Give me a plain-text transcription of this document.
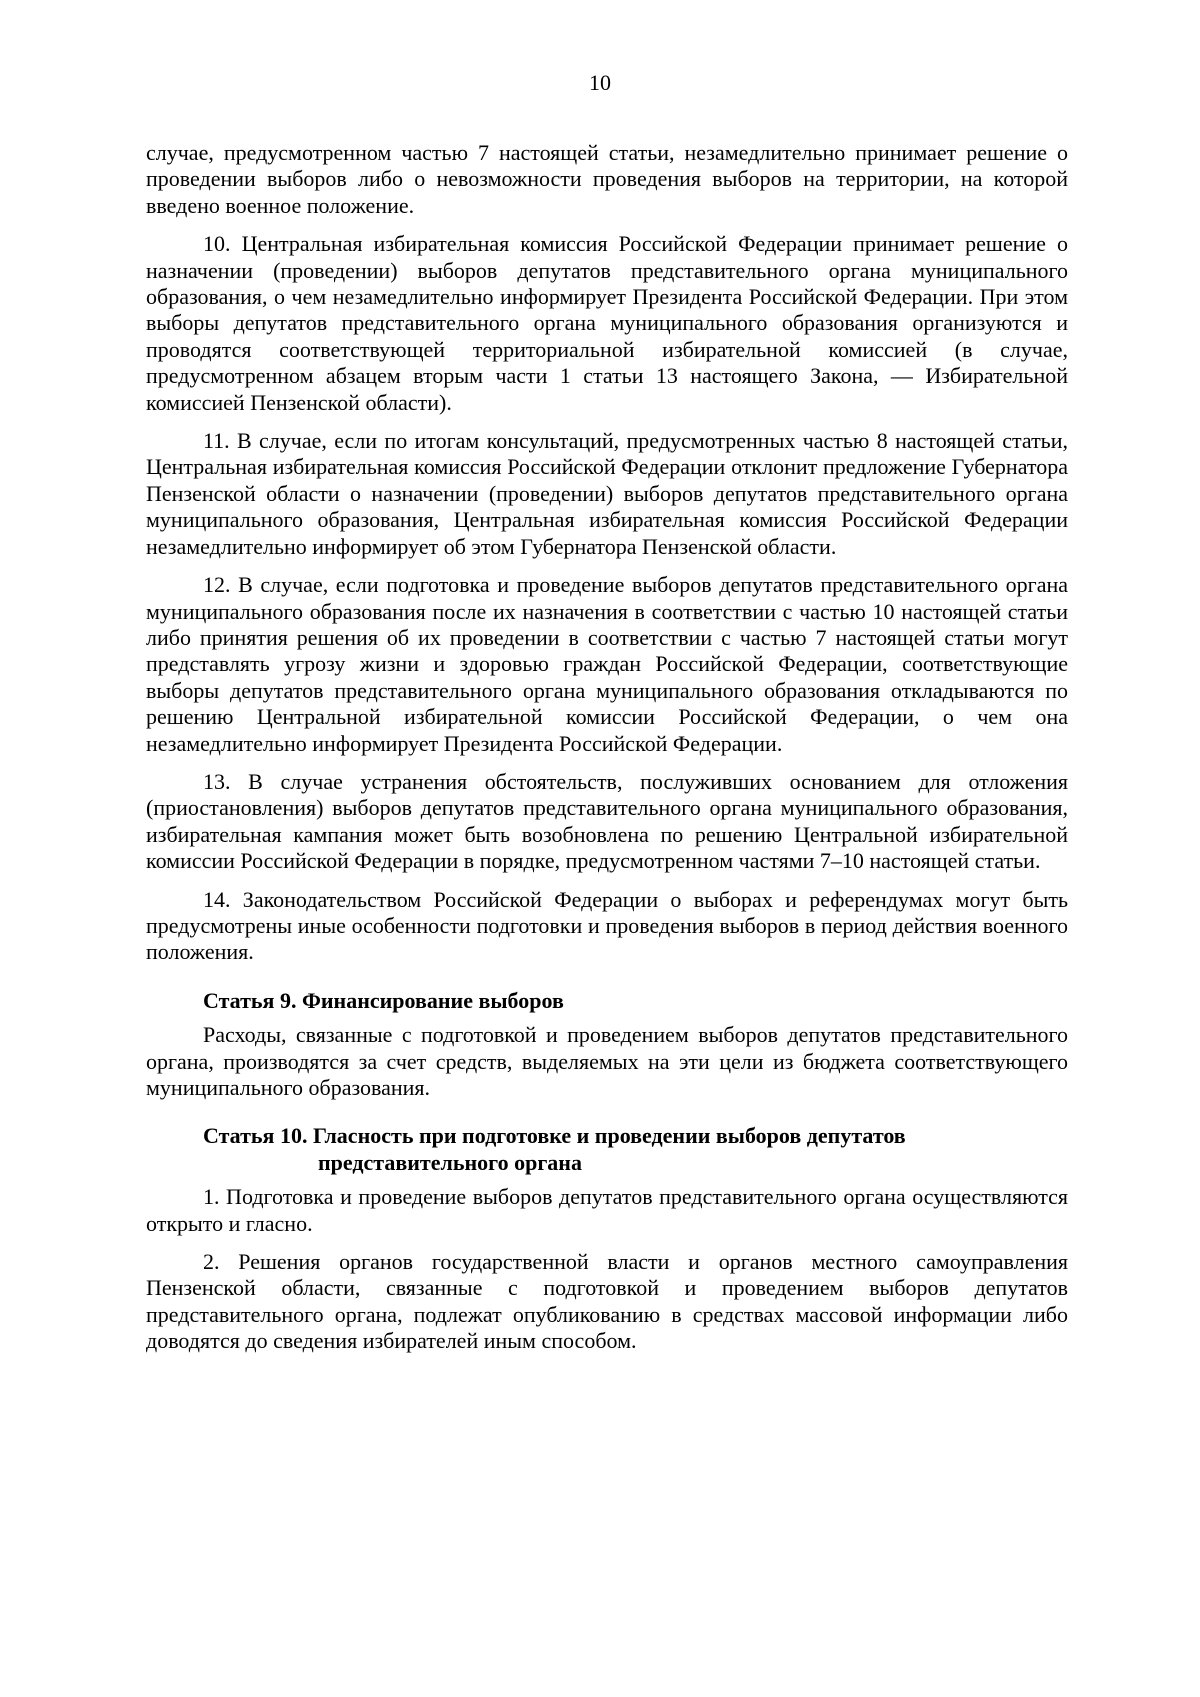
10

случае, предусмотренном частью 7 настоящей статьи, незамедлительно принимает решение о проведении выборов либо о невозможности проведения выборов на территории, на которой введено военное положение.

10. Центральная избирательная комиссия Российской Федерации принимает решение о назначении (проведении) выборов депутатов представительного органа муниципального образования, о чем незамедлительно информирует Президента Российской Федерации. При этом выборы депутатов представительного органа муниципального образования организуются и проводятся соответствующей территориальной избирательной комиссией (в случае, предусмотренном абзацем вторым части 1 статьи 13 настоящего Закона, — Избирательной комиссией Пензенской области).

11. В случае, если по итогам консультаций, предусмотренных частью 8 настоящей статьи, Центральная избирательная комиссия Российской Федерации отклонит предложение Губернатора Пензенской области о назначении (проведении) выборов депутатов представительного органа муниципального образования, Центральная избирательная комиссия Российской Федерации незамедлительно информирует об этом Губернатора Пензенской области.

12. В случае, если подготовка и проведение выборов депутатов представительного органа муниципального образования после их назначения в соответствии с частью 10 настоящей статьи либо принятия решения об их проведении в соответствии с частью 7 настоящей статьи могут представлять угрозу жизни и здоровью граждан Российской Федерации, соответствующие выборы депутатов представительного органа муниципального образования откладываются по решению Центральной избирательной комиссии Российской Федерации, о чем она незамедлительно информирует Президента Российской Федерации.

13. В случае устранения обстоятельств, послуживших основанием для отложения (приостановления) выборов депутатов представительного органа муниципального образования, избирательная кампания может быть возобновлена по решению Центральной избирательной комиссии Российской Федерации в порядке, предусмотренном частями 7–10 настоящей статьи.

14. Законодательством Российской Федерации о выборах и референдумах могут быть предусмотрены иные особенности подготовки и проведения выборов в период действия военного положения.

Статья 9. Финансирование выборов

Расходы, связанные с подготовкой и проведением выборов депутатов представительного органа, производятся за счет средств, выделяемых на эти цели из бюджета соответствующего муниципального образования.

Статья 10. Гласность при подготовке и проведении выборов депутатов
представительного органа

1. Подготовка и проведение выборов депутатов представительного органа осуществляются открыто и гласно.

2. Решения органов государственной власти и органов местного самоуправления Пензенской области, связанные с подготовкой и проведением выборов депутатов представительного органа, подлежат опубликованию в средствах массовой информации либо доводятся до сведения избирателей иным способом.
